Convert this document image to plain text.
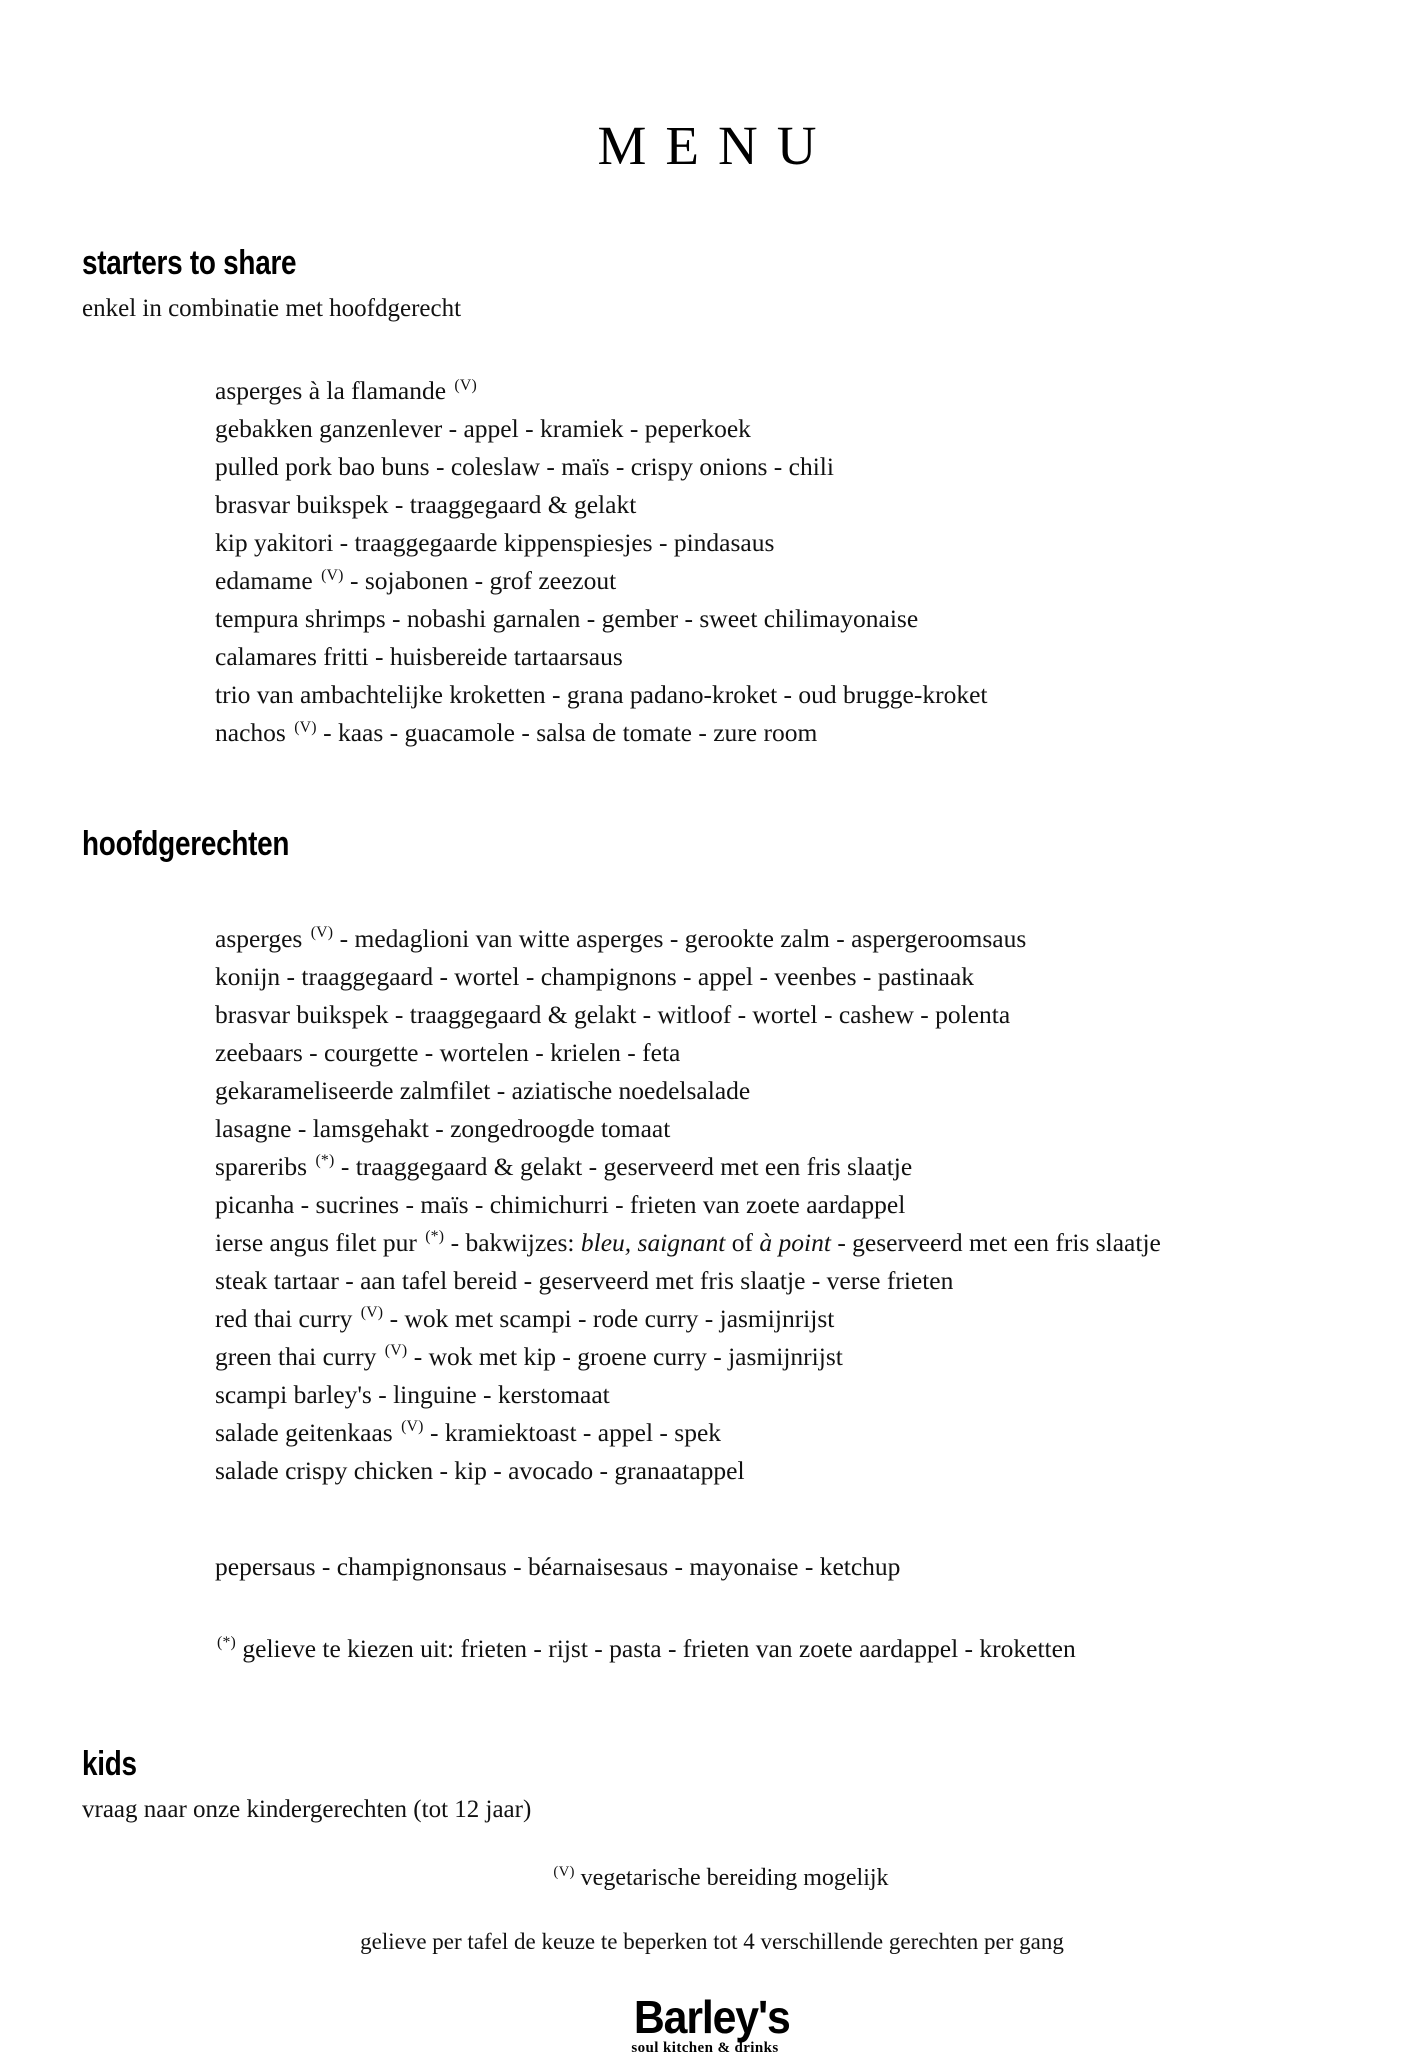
MENU
starters to share

enkel in combinatie met hoofdgerecht

asperges à la flamande $^{(V)}$
gebakken ganzenlever - appel - kramiek - peperkoek
pulled pork bao buns - coleslaw - maïs - crispy onions - chili
brasvar buikspek - traaggegaard & gelakt
kip yakitori - traaggegaarde kippenspiesjes - pindasaus
edamame $^{(V)}$ - sojabonen - grof zeezout
tempura shrimps - nobashi garnalen - gember - sweet chilimayonaise
calamares fritti - huisbereide tartaarsaus
trio van ambachtelijke kroketten - grana padano-kroket - oud brugge-kroket
nachos $^{(V)}$ - kaas - guacamole - salsa de tomate - zure room
hoofdgerechten
asperges $^{(V)}$ - medaglioni van witte asperges - gerookte zalm - aspergeroomsaus
konijn - traaggegaard - wortel - champignons - appel - veenbes - pastinaak
brasvar buikspek - traaggegaard & gelakt - witloof - wortel - cashew - polenta
zeebaars - courgette - wortelen - krielen - feta
gekarameliseerde zalmfilet - aziatische noedelsalade
lasagne - lamsgehakt - zongedroogde tomaat
spareribs (*) - traaggegaard & gelakt - geserveerd met een fris slaatje
picanha - sucrines - maïs - chimichurri - frieten van zoete aardappel
ierse angus filet pur (*) - bakwijzes: bleu, saignant of à point - geserveerd met een fris slaatje
steak tartaar - aan tafel bereid - geserveerd met fris slaatje - verse frieten
red thai curry $^{(V)}$ - wok met scampi - rode curry - jasmijnrijst
green thai curry $^{(V)}$ - wok met kip - groene curry - jasmijnrijst
scampi barley's - linguine - kerstomaat
salade geitenkaas $^{(V)}$ - kramiektoast - appel - spek
salade crispy chicken - kip - avocado - granaatappel

pepersaus - champignonsaus - béarnaisesaus - mayonaise - ketchup

(*) gelieve te kiezen uit: frieten - rijst - pasta - frieten van zoete aardappel - kroketten

kids

vraag naar onze kindergerechten (tot 12 jaar)

$^{(V)}$ vegetarische bereiding mogelijk

gelieve per tafel de keuze te beperken tot 4 verschillende gerechten per gang

Barley's
soul kitchen & drinks
